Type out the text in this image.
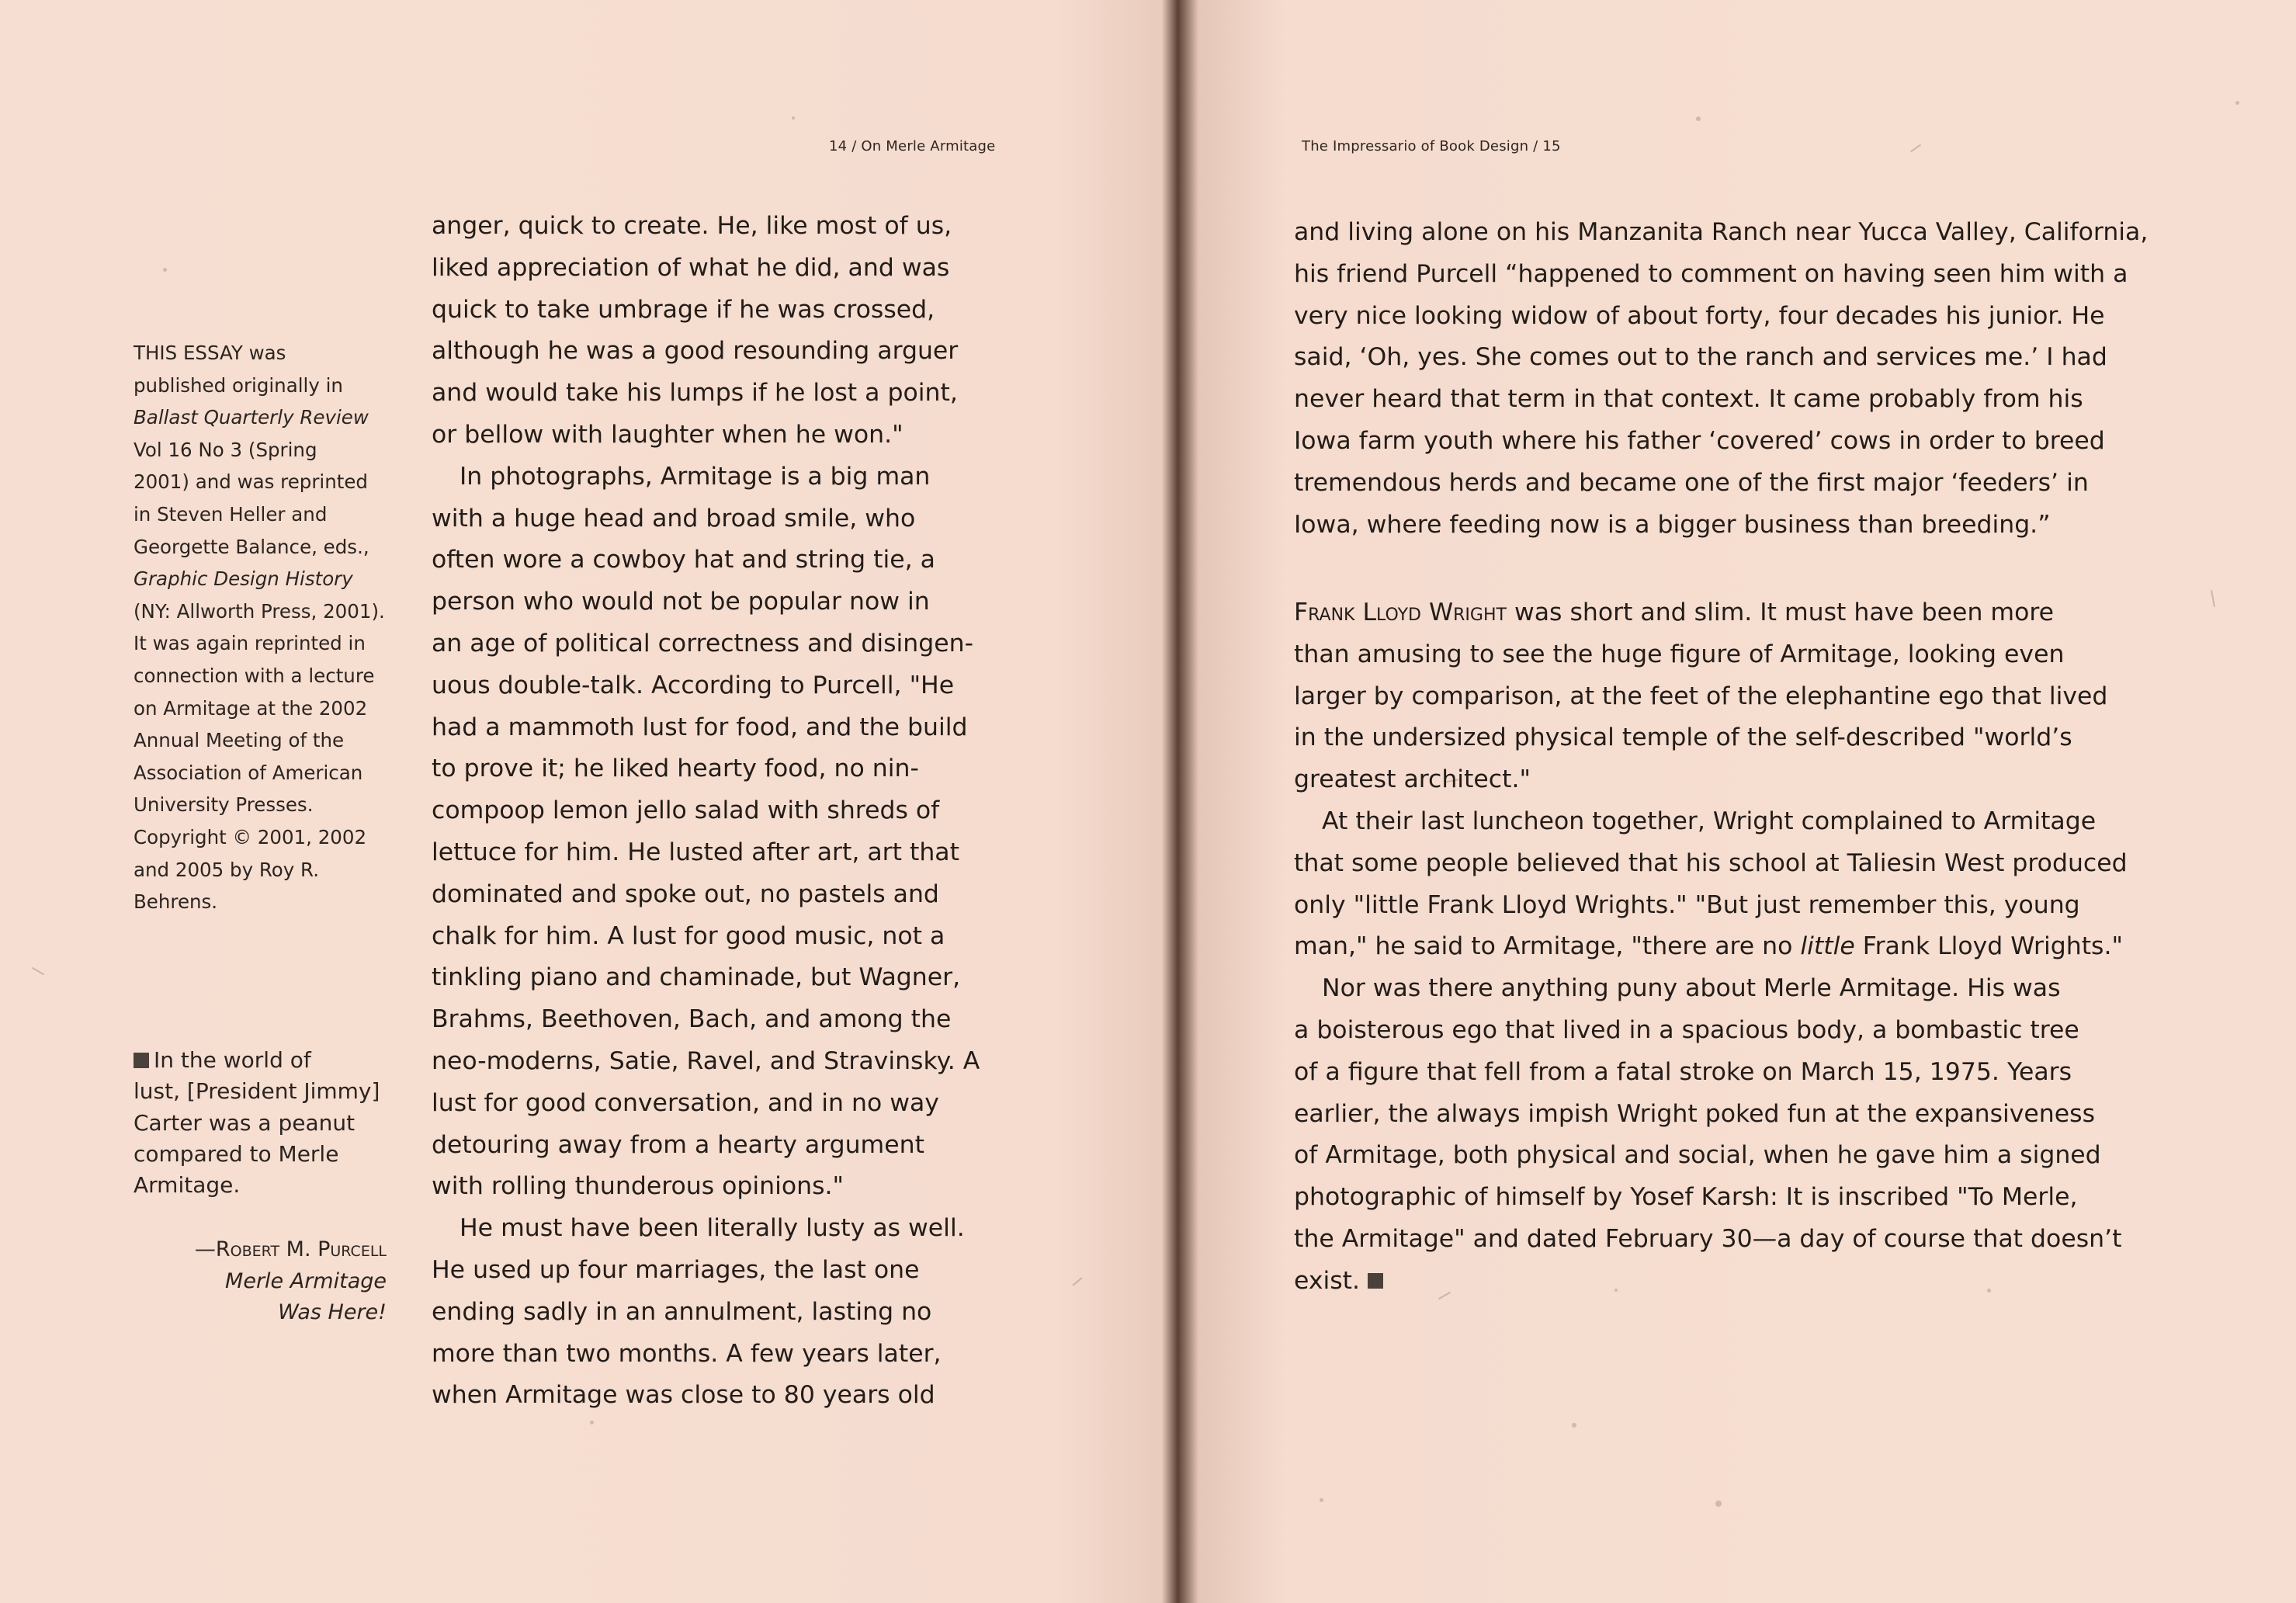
14 / On Merle Armitage	The Impressario of Book Design / 15
THIS ESSAY was
published originally in
Ballast Quarterly Review
Vol 16 No 3 (Spring
2001) and was reprinted
in Steven Heller and
Georgette Balance, eds.,
Graphic Design History
(NY: Allworth Press, 2001).
It was again reprinted in
connection with a lecture
on Armitage at the 2002
Annual Meeting of the
Association of American
University Presses.
Copyright © 2001, 2002
and 2005 by Roy R.
Behrens.
In the world of
lust, [President Jimmy]
Carter was a peanut
compared to Merle
Armitage.
—Robert M. Purcell
Merle Armitage
Was Here!
anger, quick to create. He, like most of us,
liked appreciation of what he did, and was
quick to take umbrage if he was crossed,
although he was a good resounding arguer
and would take his lumps if he lost a point,
or bellow with laughter when he won."
In photographs, Armitage is a big man
with a huge head and broad smile, who
often wore a cowboy hat and string tie, a
person who would not be popular now in
an age of political correctness and disingen-
uous double-talk. According to Purcell, "He
had a mammoth lust for food, and the build
to prove it; he liked hearty food, no nin-
compoop lemon jello salad with shreds of
lettuce for him. He lusted after art, art that
dominated and spoke out, no pastels and
chalk for him. A lust for good music, not a
tinkling piano and chaminade, but Wagner,
Brahms, Beethoven, Bach, and among the
neo-moderns, Satie, Ravel, and Stravinsky. A
lust for good conversation, and in no way
detouring away from a hearty argument
with rolling thunderous opinions."
He must have been literally lusty as well.
He used up four marriages, the last one
ending sadly in an annulment, lasting no
more than two months. A few years later,
when Armitage was close to 80 years old
and living alone on his Manzanita Ranch near Yucca Valley, California,
his friend Purcell “happened to comment on having seen him with a
very nice looking widow of about forty, four decades his junior. He
said, ‘Oh, yes. She comes out to the ranch and services me.’ I had
never heard that term in that context. It came probably from his
Iowa farm youth where his father ‘covered’ cows in order to breed
tremendous herds and became one of the first major ‘feeders’ in
Iowa, where feeding now is a bigger business than breeding.”
Frank Lloyd Wright was short and slim. It must have been more
than amusing to see the huge figure of Armitage, looking even
larger by comparison, at the feet of the elephantine ego that lived
in the undersized physical temple of the self-described "world’s
greatest architect."
At their last luncheon together, Wright complained to Armitage
that some people believed that his school at Taliesin West produced
only "little Frank Lloyd Wrights." "But just remember this, young
man," he said to Armitage, "there are no little Frank Lloyd Wrights."
Nor was there anything puny about Merle Armitage. His was
a boisterous ego that lived in a spacious body, a bombastic tree
of a figure that fell from a fatal stroke on March 15, 1975. Years
earlier, the always impish Wright poked fun at the expansiveness
of Armitage, both physical and social, when he gave him a signed
photographic of himself by Yosef Karsh: It is inscribed "To Merle,
the Armitage" and dated February 30—a day of course that doesn’t
exist.
